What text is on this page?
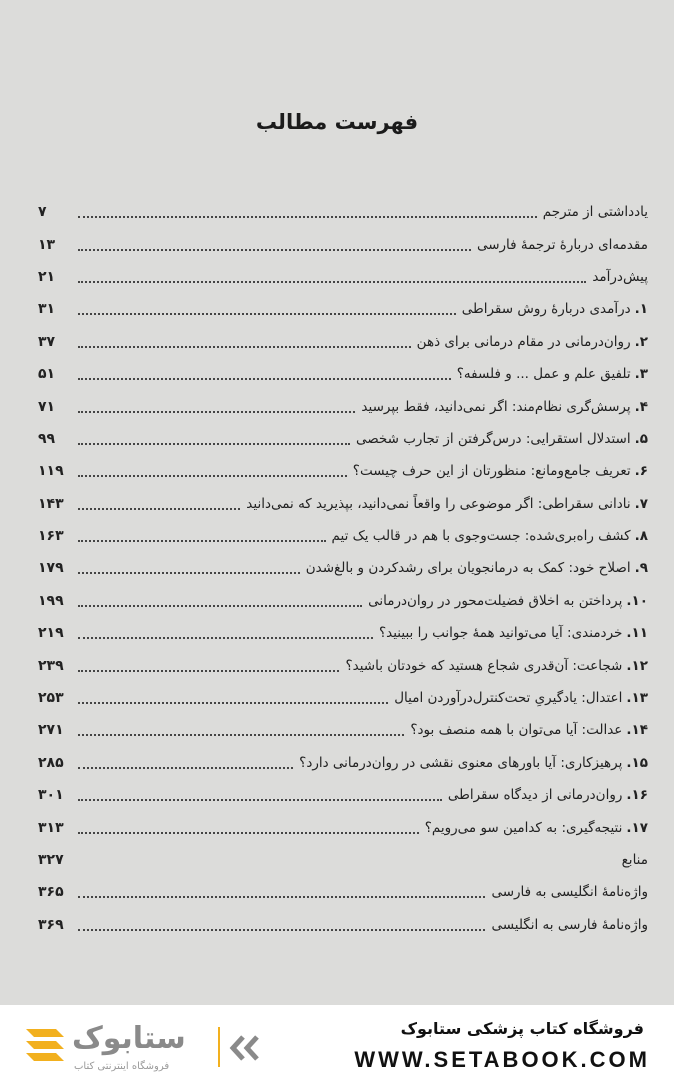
فهرست مطالب
یادداشتی از مترجم
۷
مقدمه‌ای دربارهٔ ترجمهٔ فارسی
۱۳
پیش‌درآمد
۲۱
۱.
درآمدی دربارهٔ روش سقراطی
۳۱
۲.
روان‌درمانی در مقام درمانی برای ذهن
۳۷
۳.
تلفیق علم و عمل ... و فلسفه؟
۵۱
۴.
پرسش‌گری نظام‌مند: اگر نمی‌دانید، فقط بپرسید
۷۱
۵.
استدلال استقرایی: درس‌گرفتن از تجارب شخصی
۹۹
۶.
تعریف جامع‌ومانع: منظورتان از این حرف چیست؟
۱۱۹
۷.
نادانی سقراطی: اگر موضوعی را واقعاً نمی‌دانید، بپذیرید که نمی‌دانید
۱۴۳
۸.
کشف راه‌بری‌شده: جست‌وجوی با هم در قالب یک تیم
۱۶۳
۹.
اصلاح خود: کمک به درمانجویان برای رشدکردن و بالغ‌شدن
۱۷۹
۱۰.
پرداختن به اخلاق فضیلت‌محور در روان‌درمانی
۱۹۹
۱۱.
خردمندی: آیا می‌توانید همهٔ جوانب را ببینید؟
۲۱۹
۱۲.
شجاعت: آن‌قدری شجاع هستید که خودتان باشید؟
۲۳۹
۱۳.
اعتدال: یادگیریِ تحت‌کنترل‌درآوردن امیال
۲۵۳
۱۴.
عدالت: آیا می‌توان با همه منصف بود؟
۲۷۱
۱۵.
پرهیزکاری: آیا باورهای معنوی نقشی در روان‌درمانی دارد؟
۲۸۵
۱۶.
روان‌درمانی از دیدگاه سقراطی
۳۰۱
۱۷.
نتیجه‌گیری: به کدامین سو می‌رویم؟
۳۱۳
منابع
۳۲۷
واژه‌نامهٔ انگلیسی به فارسی
۳۶۵
واژه‌نامهٔ فارسی به انگلیسی
۳۶۹
ستابوک
فروشگاه اینترنتی کتاب
فروشگاه کتاب پزشکی ستابوک
WWW.SETABOOK.COM
